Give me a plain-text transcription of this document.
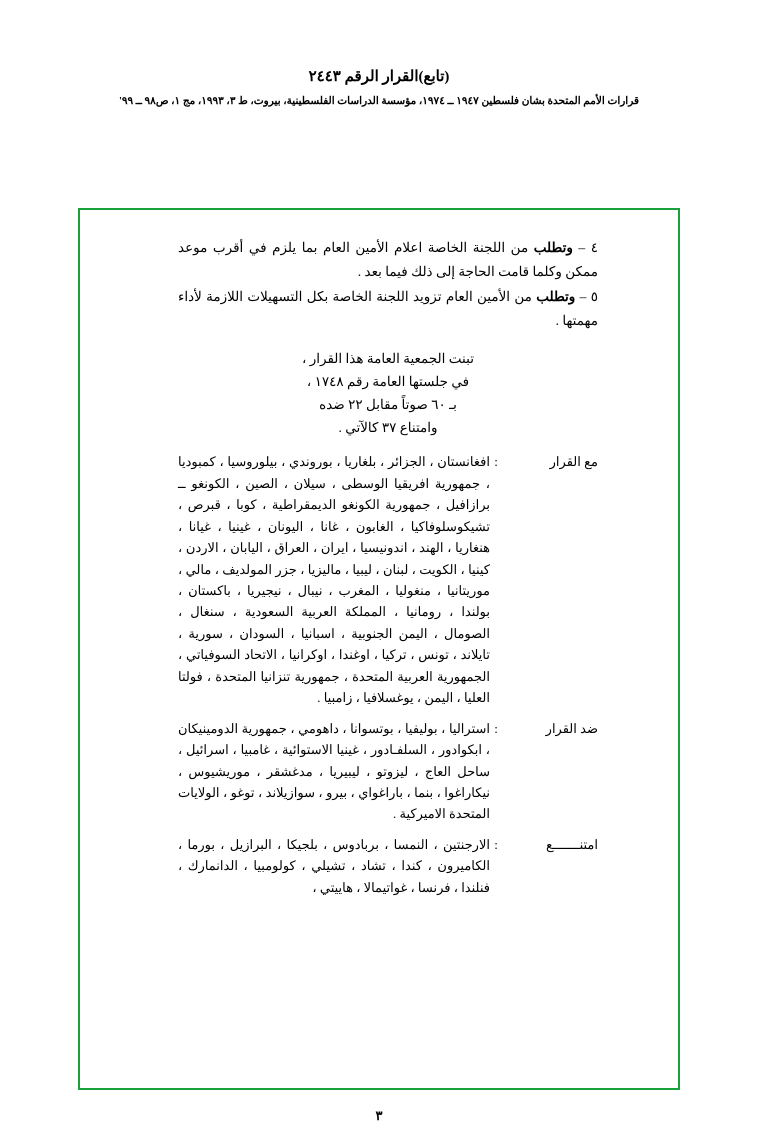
(تابع)القرار الرقم ٢٤٤٣
قرارات الأمم المتحدة بشان فلسطين ١٩٤٧ ــ ١٩٧٤، مؤسسة الدراسات الفلسطينية، بيروت، ط ٣، ١٩٩٣، مج ١، ص٩٨ ــ ٩٩'
٤ – وتطلب من اللجنة الخاصة اعلام الأمين العام بما يلزم في أقرب موعد ممكن وكلما قامت الحاجة إلى ذلك فيما بعد .
٥ – وتطلب من الأمين العام تزويد اللجنة الخاصة بكل التسهيلات اللازمة لأداء مهمتها .
تبنت الجمعية العامة هذا القرار ،
في جلستها العامة رقم ١٧٤٨ ،
بـ ٦٠ صوتاً مقابل ٢٢ ضده
وامتناع ٣٧ كالآتي .
مع القرار
:
افغانستان ، الجزائر ، بلغاريا ، بوروندي ، بيلوروسيا ، كمبوديا ، جمهورية افريقيا الوسطى ، سيلان ، الصين ، الكونغو ــ برازافيل ، جمهورية الكونغو الديمقراطية ، كوبا ، قبرص ، تشيكوسلوفاكيا ، الغابون ، غانا ، اليونان ، غينيا ، غيانا ، هنغاريا ، الهند ، اندونيسيا ، ايران ، العراق ، اليابان ، الاردن ، كينيا ، الكويت ، لبنان ، ليبيا ، ماليزيا ، جزر المولديف ، مالي ، موريتانيا ، منغوليا ، المغرب ، نيبال ، نيجيريا ، باكستان ، بولندا ، رومانيا ، المملكة العربية السعودية ، سنغال ، الصومال ، اليمن الجنوبية ، اسبانيا ، السودان ، سورية ، تايلاند ، تونس ، تركيا ، اوغندا ، اوكرانيا ، الاتحاد السوفياتي ، الجمهورية العربية المتحدة ، جمهورية تنزانيا المتحدة ، فولتا العليا ، اليمن ، يوغسلافيا ، زامبيا .
ضد القرار
:
استراليا ، بوليفيا ، بوتسوانا ، داهومي ، جمهورية الدومينيكان ، ابكوادور ، السلفـادور ، غينيا الاستوائية ، غامبيا ، اسرائيل ، ساحل العاج ، ليزوتو ، ليبيريا ، مدغشقر ، موريشيوس ، نيكاراغوا ، بنما ، باراغواي ، بيرو ، سوازيلاند ، توغو ، الولايات المتحدة الاميركية .
امتنـــــــع
:
الارجنتين ، النمسا ، بربادوس ، بلجيكا ، البرازيل ، بورما ، الكاميرون ، كندا ، تشاد ، تشيلي ، كولومبيا ، الدانمارك ، فنلندا ، فرنسا ، غواتيمالا ، هاييتي ،
٣
